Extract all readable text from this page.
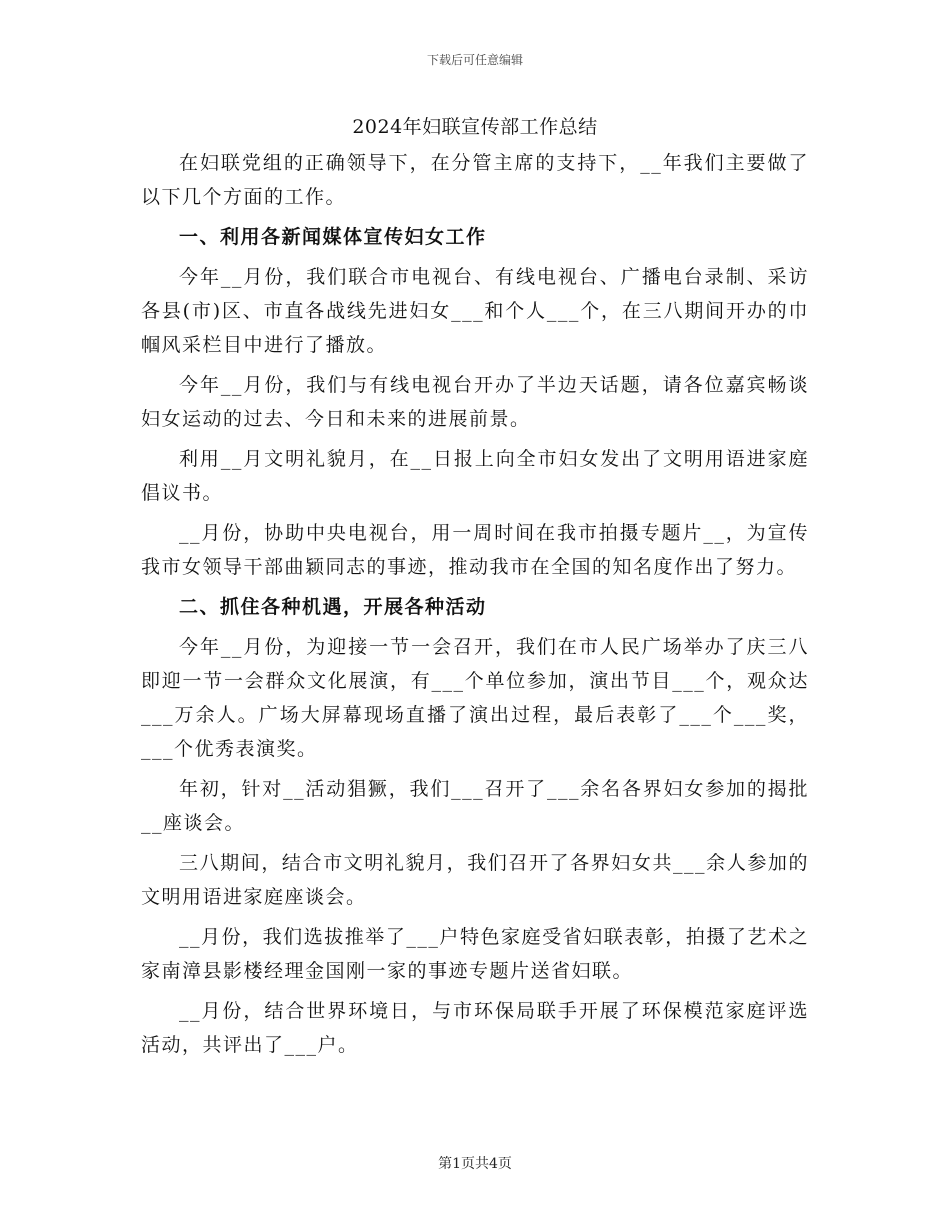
下载后可任意编辑
2024年妇联宣传部工作总结

在妇联党组的正确领导下，在分管主席的支持下，__年我们主要做了以下几个方面的工作。

一、利用各新闻媒体宣传妇女工作

今年__月份，我们联合市电视台、有线电视台、广播电台录制、采访各县(市)区、市直各战线先进妇女___和个人___个，在三八期间开办的巾帼风采栏目中进行了播放。

今年__月份，我们与有线电视台开办了半边天话题，请各位嘉宾畅谈妇女运动的过去、今日和未来的进展前景。

利用__月文明礼貌月，在__日报上向全市妇女发出了文明用语进家庭倡议书。

__月份，协助中央电视台，用一周时间在我市拍摄专题片__，为宣传我市女领导干部曲颖同志的事迹，推动我市在全国的知名度作出了努力。

二、抓住各种机遇，开展各种活动

今年__月份，为迎接一节一会召开，我们在市人民广场举办了庆三八即迎一节一会群众文化展演，有___个单位参加，演出节目___个，观众达___万余人。广场大屏幕现场直播了演出过程，最后表彰了___个___奖，___个优秀表演奖。

年初，针对__活动猖獗，我们___召开了___余名各界妇女参加的揭批__座谈会。

三八期间，结合市文明礼貌月，我们召开了各界妇女共___余人参加的文明用语进家庭座谈会。

__月份，我们选拔推举了___户特色家庭受省妇联表彰，拍摄了艺术之家南漳县影楼经理金国刚一家的事迹专题片送省妇联。

__月份，结合世界环境日，与市环保局联手开展了环保模范家庭评选活动，共评出了___户。

第1页共4页
